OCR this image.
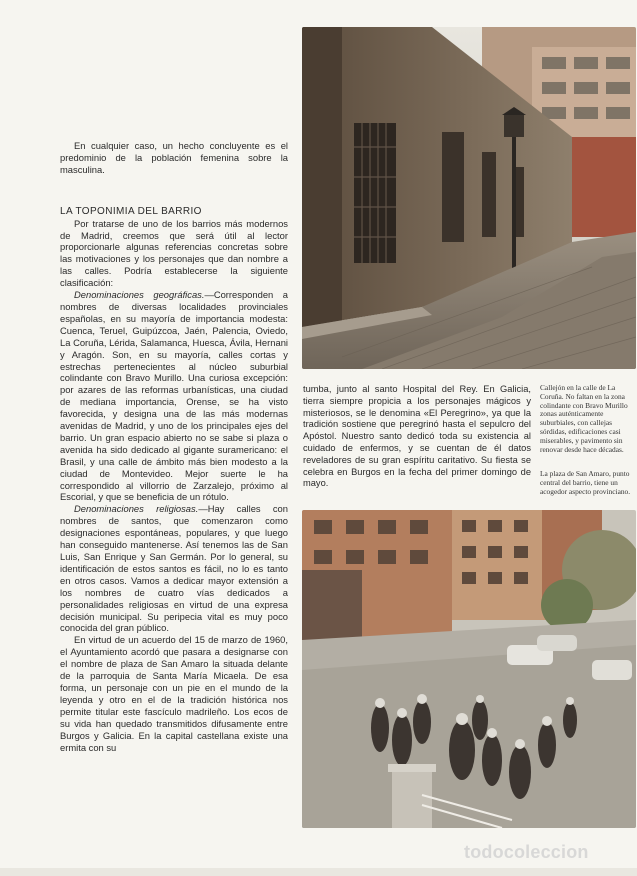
En cualquier caso, un hecho concluyente es el predominio de la población femenina sobre la masculina.

LA TOPONIMIA DEL BARRIO

Por tratarse de uno de los barrios más modernos de Madrid, creemos que será útil al lector proporcionarle algunas referencias concretas sobre las motivaciones y los personajes que dan nombre a las calles. Podría establecerse la siguiente clasificación:

Denominaciones geográficas.—Corresponden a nombres de diversas localidades provinciales españolas, en su mayoría de importancia modesta: Cuenca, Teruel, Guipúzcoa, Jaén, Palencia, Oviedo, La Coruña, Lérida, Salamanca, Huesca, Ávila, Hernani y Aragón. Son, en su mayoría, calles cortas y estrechas pertenecientes al núcleo suburbial colindante con Bravo Murillo. Una curiosa excepción: por azares de las reformas urbanísticas, una ciudad de mediana importancia, Orense, se ha visto favorecida, y designa una de las más modernas avenidas de Madrid, y uno de los principales ejes del barrio. Un gran espacio abierto no se sabe si plaza o avenida ha sido dedicado al gigante suramericano: el Brasil, y una calle de ámbito más bien modesto a la ciudad de Montevideo. Mejor suerte le ha correspondido al villorrio de Zarzalejo, próximo al Escorial, y que se beneficia de un rótulo.

Denominaciones religiosas.—Hay calles con nombres de santos, que comenzaron como designaciones espontáneas, populares, y que luego han conseguido mantenerse. Así tenemos las de San Luis, San Enrique y San Germán. Por lo general, su identificación de estos santos es fácil, no lo es tanto en otros casos. Vamos a dedicar mayor extensión a los nombres de cuatro vías dedicados a personalidades religiosas en virtud de una expresa decisión municipal. Su peripecia vital es muy poco conocida del gran público.

En virtud de un acuerdo del 15 de marzo de 1960, el Ayuntamiento acordó que pasara a designarse con el nombre de plaza de San Amaro la situada delante de la parroquia de Santa María Micaela. De esa forma, un personaje con un pie en el mundo de la leyenda y otro en el de la tradición histórica nos permite titular este fascículo madrileño. Los ecos de su vida han quedado transmitidos difusamente entre Burgos y Galicia. En la capital castellana existe una ermita con su

tumba, junto al santo Hospital del Rey. En Galicia, tierra siempre propicia a los personajes mágicos y misteriosos, se le denomina «El Peregrino», ya que la tradición sostiene que peregrinó hasta el sepulcro del Apóstol. Nuestro santo dedicó toda su existencia al cuidado de enfermos, y se cuentan de él datos reveladores de su gran espíritu caritativo. Su fiesta se celebra en Burgos en la fecha del primer domingo de mayo.

Callejón en la calle de La Coruña. No faltan en la zona colindante con Bravo Murillo zonas auténticamente suburbiales, con callejas sórdidas, edificaciones casi miserables, y pavimento sin renovar desde hace décadas.
La plaza de San Amaro, punto central del barrio, tiene un acogedor aspecto provinciano.
todocoleccion
